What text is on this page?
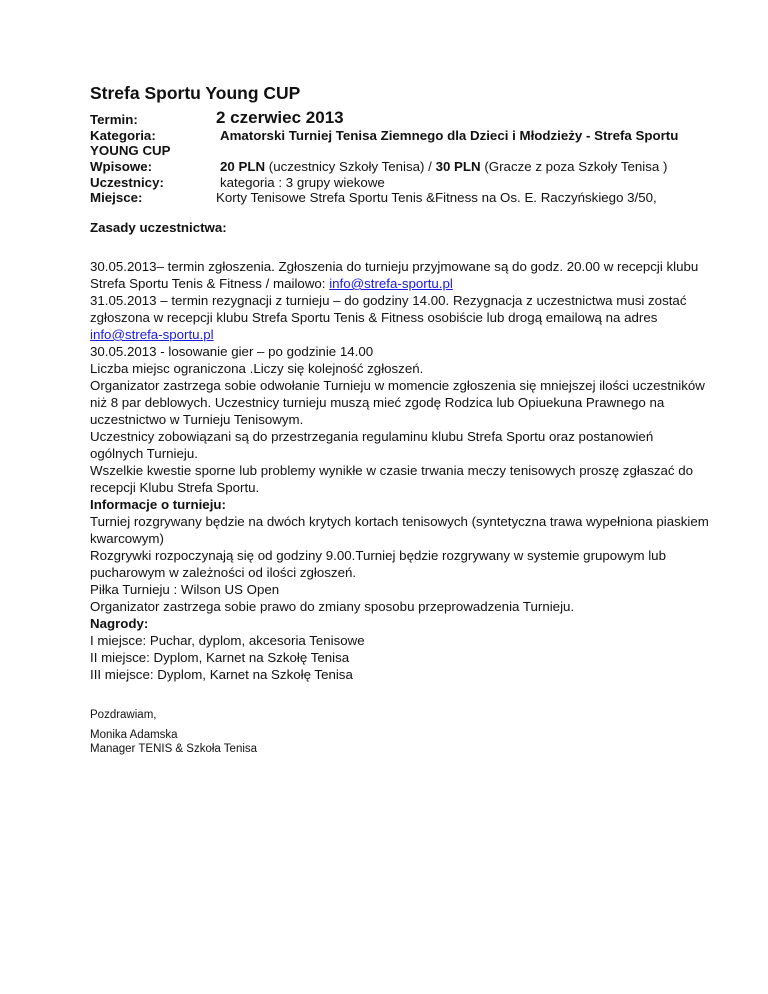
Strefa Sportu Young CUP
Termin:	2 czerwiec 2013
Kategoria:	Amatorski Turniej Tenisa Ziemnego dla Dzieci i Młodzieży - Strefa Sportu
YOUNG CUP
Wpisowe:	20 PLN (uczestnicy Szkoły Tenisa) / 30 PLN (Gracze z poza Szkoły Tenisa )
Uczestnicy:	kategoria : 3 grupy wiekowe
Miejsce:	Korty Tenisowe Strefa Sportu Tenis &Fitness na Os. E. Raczyńskiego 3/50,
Zasady uczestnictwa:

30.05.2013– termin zgłoszenia. Zgłoszenia do turnieju przyjmowane są do godz. 20.00 w recepcji klubu Strefa Sportu Tenis & Fitness / mailowo: info@strefa-sportu.pl

31.05.2013 – termin rezygnacji z turnieju – do godziny 14.00. Rezygnacja z uczestnictwa musi zostać zgłoszona w recepcji klubu Strefa Sportu Tenis & Fitness osobiście lub drogą emailową na adres info@strefa-sportu.pl

30.05.2013 - losowanie gier – po godzinie 14.00

Liczba miejsc ograniczona .Liczy się kolejność zgłoszeń.

Organizator zastrzega sobie odwołanie Turnieju w momencie zgłoszenia się mniejszej ilości uczestników niż 8 par deblowych. Uczestnicy turnieju muszą mieć zgodę Rodzica lub Opiuekuna Prawnego na uczestnictwo w Turnieju Tenisowym.

Uczestnicy zobowiązani są do przestrzegania regulaminu klubu Strefa Sportu oraz postanowień ogólnych Turnieju.

Wszelkie kwestie sporne lub problemy wynikłe w czasie trwania meczy tenisowych proszę zgłaszać do recepcji Klubu Strefa Sportu.

Informacje o turnieju:

Turniej rozgrywany będzie na dwóch krytych kortach tenisowych (syntetyczna trawa wypełniona piaskiem kwarcowym)

Rozgrywki rozpoczynają się od godziny 9.00.Turniej będzie rozgrywany w systemie grupowym lub pucharowym w zależności od ilości zgłoszeń.

Piłka Turnieju : Wilson US Open

Organizator zastrzega sobie prawo do zmiany sposobu przeprowadzenia Turnieju.

Nagrody:

I miejsce: Puchar, dyplom, akcesoria Tenisowe

II miejsce: Dyplom, Karnet na Szkołę Tenisa

III miejsce: Dyplom, Karnet na Szkołę Tenisa

Pozdrawiam,
Monika Adamska
Manager TENIS & Szkoła Tenisa
